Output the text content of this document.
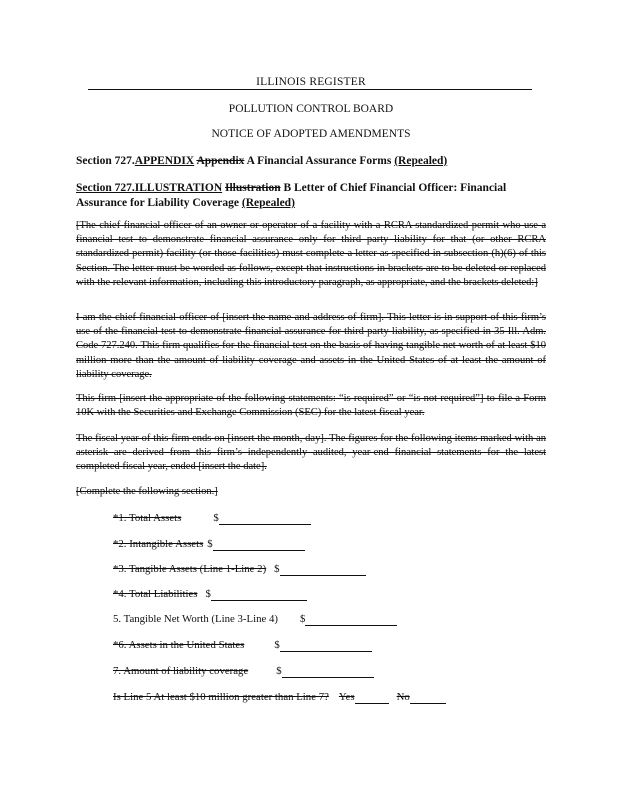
ILLINOIS REGISTER
POLLUTION CONTROL BOARD
NOTICE OF ADOPTED AMENDMENTS
Section 727.APPENDIX Appendix A Financial Assurance Forms (Repealed)
Section 727.ILLUSTRATION Illustration B Letter of Chief Financial Officer: Financial Assurance for Liability Coverage (Repealed)
[The chief financial officer of an owner or operator of a facility with a RCRA standardized permit who use a financial test to demonstrate financial assurance only for third party liability for that (or other RCRA standardized permit) facility (or those facilities) must complete a letter as specified in subsection (h)(6) of this Section. The letter must be worded as follows, except that instructions in brackets are to be deleted or replaced with the relevant information, including this introductory paragraph, as appropriate, and the brackets deleted:]
I am the chief financial officer of [insert the name and address of firm]. This letter is in support of this firm’s use of the financial test to demonstrate financial assurance for third party liability, as specified in 35 Ill. Adm. Code 727.240. This firm qualifies for the financial test on the basis of having tangible net worth of at least $10 million more than the amount of liability coverage and assets in the United States of at least the amount of liability coverage.
This firm [insert the appropriate of the following statements: “is required” or “is not required”] to file a Form 10K with the Securities and Exchange Commission (SEC) for the latest fiscal year.
The fiscal year of this firm ends on [insert the month, day]. The figures for the following items marked with an asterisk are derived from this firm’s independently audited, year-end financial statements for the latest completed fiscal year, ended [insert the date].
[Complete the following section.]
*1. Total Assets	$
*2. Intangible Assets $
*3. Tangible Assets (Line 1-Line 2) $
*4. Total Liabilities $
5. Tangible Net Worth (Line 3-Line 4) $
*6. Assets in the United States	$
7. Amount of liability coverage	$
Is Line 5 At least $10 million greater than Line 7? Yes	No
